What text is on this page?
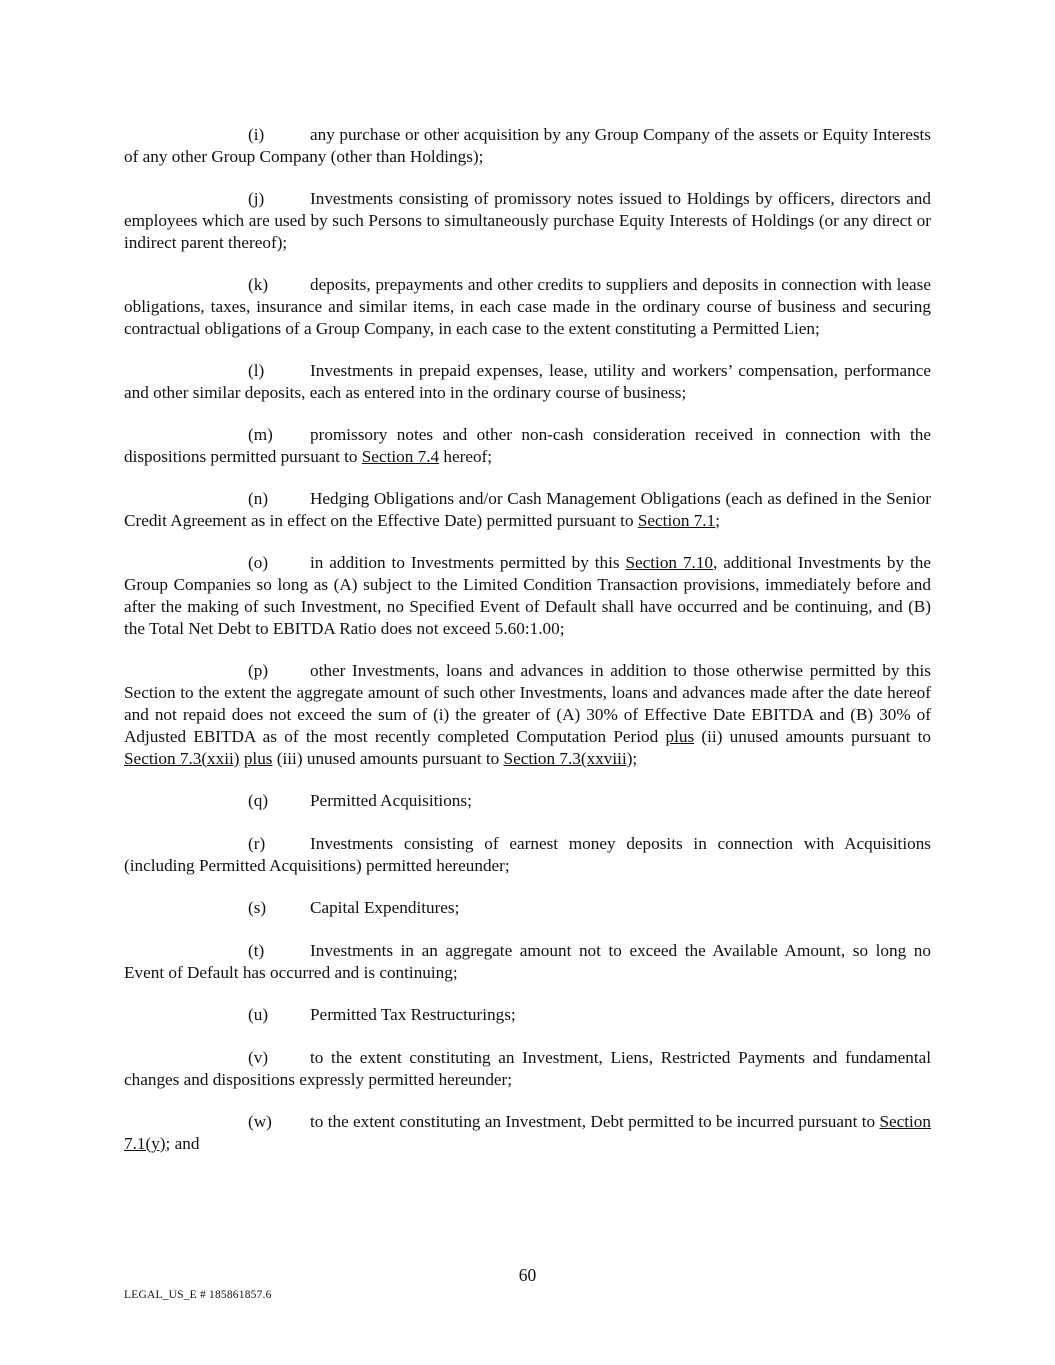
(i)	any purchase or other acquisition by any Group Company of the assets or Equity Interests of any other Group Company (other than Holdings);

(j)	Investments consisting of promissory notes issued to Holdings by officers, directors and employees which are used by such Persons to simultaneously purchase Equity Interests of Holdings (or any direct or indirect parent thereof);

(k) deposits, prepayments and other credits to suppliers and deposits in connection with lease obligations, taxes, insurance and similar items, in each case made in the ordinary course of business and securing contractual obligations of a Group Company, in each case to the extent constituting a Permitted Lien;

(l)	Investments in prepaid expenses, lease, utility and workers’ compensation, performance and other similar deposits, each as entered into in the ordinary course of business;

(m) promissory notes and other non-cash consideration received in connection with the dispositions permitted pursuant to Section 7.4 hereof;

(n) Hedging Obligations and/or Cash Management Obligations (each as defined in the Senior Credit Agreement as in effect on the Effective Date) permitted pursuant to Section 7.1;

(o) in addition to Investments permitted by this Section 7.10, additional Investments by the Group Companies so long as (A) subject to the Limited Condition Transaction provisions, immediately before and after the making of such Investment, no Specified Event of Default shall have occurred and be continuing, and (B) the Total Net Debt to EBITDA Ratio does not exceed 5.60:1.00;

(p) other Investments, loans and advances in addition to those otherwise permitted by this Section to the extent the aggregate amount of such other Investments, loans and advances made after the date hereof and not repaid does not exceed the sum of (i) the greater of (A) 30% of Effective Date EBITDA and (B) 30% of Adjusted EBITDA as of the most recently completed Computation Period plus (ii) unused amounts pursuant to Section 7.3(xxii) plus (iii) unused amounts pursuant to Section 7.3(xxviii);

(q) Permitted Acquisitions;

(r)	Investments consisting of earnest money deposits in connection with Acquisitions (including Permitted Acquisitions) permitted hereunder;

(s)	Capital Expenditures;

(t)	Investments in an aggregate amount not to exceed the Available Amount, so long no Event of Default has occurred and is continuing;

(u) Permitted Tax Restructurings;

(v) to the extent constituting an Investment, Liens, Restricted Payments and fundamental changes and dispositions expressly permitted hereunder;

(w) to the extent constituting an Investment, Debt permitted to be incurred pursuant to Section 7.1(y); and

60
LEGAL_US_E # 185861857.6
